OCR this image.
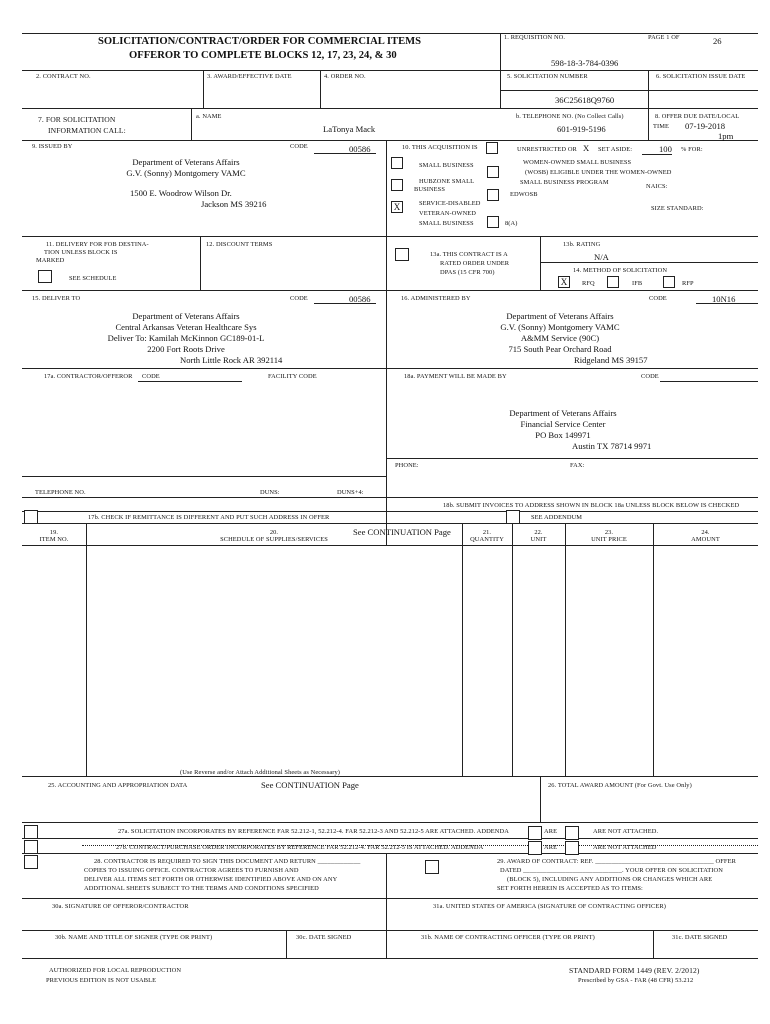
SOLICITATION/CONTRACT/ORDER FOR COMMERCIAL ITEMS
OFFEROR TO COMPLETE BLOCKS 12, 17, 23, 24, & 30
1. REQUISITION NO.
598-18-3-784-0396
PAGE 1 OF	26
2. CONTRACT NO.	3. AWARD/EFFECTIVE DATE	4. ORDER NO.	5. SOLICITATION NUMBER
36C25618Q9760
6. SOLICITATION ISSUE DATE
7. FOR SOLICITATION
INFORMATION CALL:
a. NAME
LaTonya Mack
b. TELEPHONE NO. (No Collect Calls)
601-919-5196
8. OFFER DUE DATE/LOCAL
TIME 07-19-2018
1pm
9. ISSUED BY	CODE	00586
Department of Veterans Affairs
G.V. (Sonny) Montgomery VAMC
1500 E. Woodrow Wilson Dr.
Jackson MS 39216
10. THIS ACQUISITION IS	UNRESTRICTED OR X SET ASIDE:	100 % FOR:
SMALL BUSINESS
HUBZONE SMALL
BUSINESS
X	SERVICE-DISABLED
VETERAN-OWNED
SMALL BUSINESS
WOMEN-OWNED SMALL BUSINESS
(WOSB) ELIGIBLE UNDER THE WOMEN-OWNED
SMALL BUSINESS PROGRAM
EDWOSB
8(A)
NAICS:
SIZE STANDARD:
11. DELIVERY FOR FOB DESTINA-
TION UNLESS BLOCK IS
MARKED
SEE SCHEDULE
12. DISCOUNT TERMS
13a. THIS CONTRACT IS A
RATED ORDER UNDER
DPAS (15 CFR 700)
13b. RATING
N/A
14. METHOD OF SOLICITATION
X	RFQ	IFB	RFP
15. DELIVER TO	CODE	00586
Department of Veterans Affairs
Central Arkansas Veteran Healthcare Sys
Deliver To: Kamilah McKinnon GC189-01-L
2200 Fort Roots Drive
North Little Rock AR 392114
16. ADMINISTERED BY	CODE	10N16
Department of Veterans Affairs
G.V. (Sonny) Montgomery VAMC
A&MM Service (90C)
715 South Pear Orchard Road
Ridgeland MS 39157
17a. CONTRACTOR/OFFEROR CODE	FACILITY CODE
TELEPHONE NO.	DUNS:	DUNS+4:
17b. CHECK IF REMITTANCE IS DIFFERENT AND PUT SUCH ADDRESS IN OFFER
18a. PAYMENT WILL BE MADE BY	CODE
Department of Veterans Affairs
Financial Service Center
PO Box 149971
Austin TX 78714 9971
PHONE:	FAX:
18b. SUBMIT INVOICES TO ADDRESS SHOWN IN BLOCK 18a UNLESS BLOCK BELOW IS CHECKED
SEE ADDENDUM
19.
ITEM NO.
20.
SCHEDULE OF SUPPLIES/SERVICES
See CONTINUATION Page	21.
QUANTITY
22.
UNIT
23.
UNIT PRICE
24.
AMOUNT
(Use Reverse and/or Attach Additional Sheets as Necessary)
25. ACCOUNTING AND APPROPRIATION DATA	See CONTINUATION Page	26. TOTAL AWARD AMOUNT (For Govt. Use Only)
27a. SOLICITATION INCORPORATES BY REFERENCE FAR 52.212-1, 52.212-4. FAR 52.212-3 AND 52.212-5 ARE ATTACHED. ADDENDA	ARE	ARE NOT ATTACHED.
27b. CONTRACT/PURCHASE ORDER INCORPORATES BY REFERENCE FAR 52.212-4. FAR 52.212-5 IS ATTACHED. ADDENDA	ARE	ARE NOT ATTACHED
28. CONTRACTOR IS REQUIRED TO SIGN THIS DOCUMENT AND RETURN _____________
COPIES TO ISSUING OFFICE. CONTRACTOR AGREES TO FURNISH AND
DELIVER ALL ITEMS SET FORTH OR OTHERWISE IDENTIFIED ABOVE AND ON ANY
ADDITIONAL SHEETS SUBJECT TO THE TERMS AND CONDITIONS SPECIFIED
29. AWARD OF CONTRACT: REF. ____________________________________ OFFER
DATED ______________________________. YOUR OFFER ON SOLICITATION
(BLOCK 5), INCLUDING ANY ADDITIONS OR CHANGES WHICH ARE
SET FORTH HEREIN IS ACCEPTED AS TO ITEMS:
30a. SIGNATURE OF OFFEROR/CONTRACTOR	31a. UNITED STATES OF AMERICA (SIGNATURE OF CONTRACTING OFFICER)
30b. NAME AND TITLE OF SIGNER (TYPE OR PRINT)	30c. DATE SIGNED	31b. NAME OF CONTRACTING OFFICER (TYPE OR PRINT)	31c. DATE SIGNED
AUTHORIZED FOR LOCAL REPRODUCTION
PREVIOUS EDITION IS NOT USABLE
STANDARD FORM 1449 (REV. 2/2012)
Prescribed by GSA - FAR (48 CFR) 53.212
